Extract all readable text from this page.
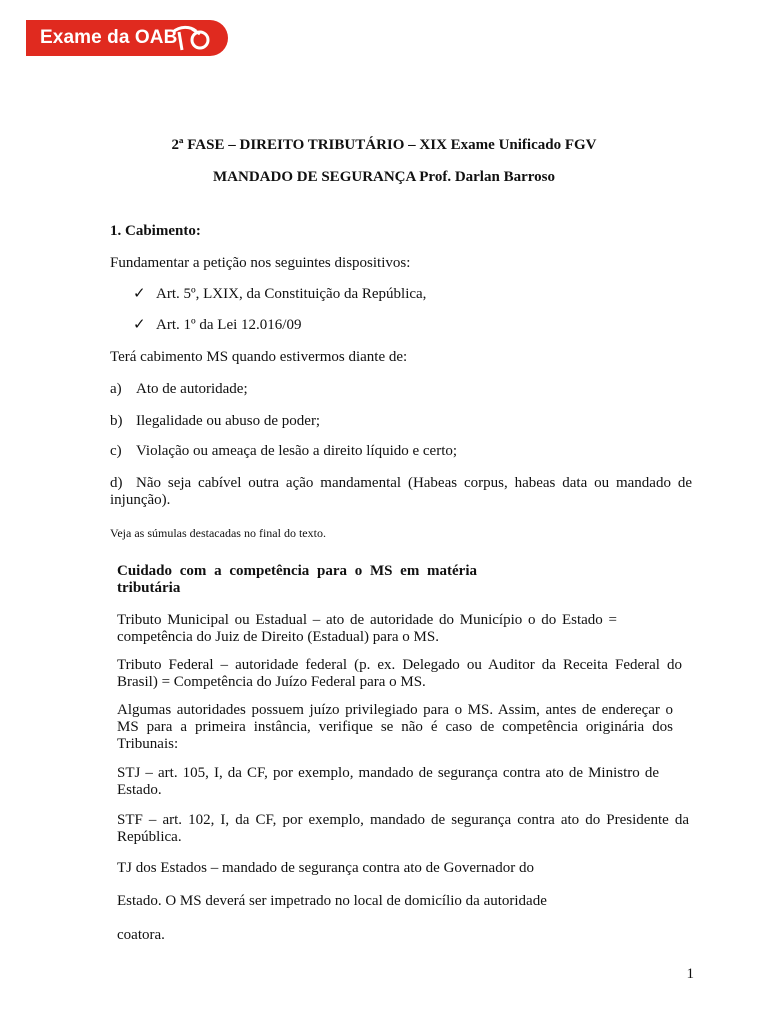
Exame da OAB
2ª FASE – DIREITO TRIBUTÁRIO – XIX Exame Unificado FGV
MANDADO DE SEGURANÇA Prof. Darlan Barroso
1. Cabimento:
Fundamentar a petição nos seguintes dispositivos:
✓ Art. 5º, LXIX, da Constituição da República,
✓ Art. 1º da Lei 12.016/09
Terá cabimento MS quando estivermos diante de:
a) Ato de autoridade;
b) Ilegalidade ou abuso de poder;
c) Violação ou ameaça de lesão a direito líquido e certo;
d) Não seja cabível outra ação mandamental (Habeas corpus, habeas data ou mandado de injunção).
Veja as súmulas destacadas no final do texto.
Cuidado com a competência para o MS em matéria tributária
Tributo Municipal ou Estadual – ato de autoridade do Município o do Estado = competência do Juiz de Direito (Estadual) para o MS.
Tributo Federal – autoridade federal (p. ex. Delegado ou Auditor da Receita Federal do Brasil) = Competência do Juízo Federal para o MS.
Algumas autoridades possuem juízo privilegiado para o MS. Assim, antes de endereçar o MS para a primeira instância, verifique se não é caso de competência originária dos Tribunais:
STJ – art. 105, I, da CF, por exemplo, mandado de segurança contra ato de Ministro de Estado.
STF – art. 102, I, da CF, por exemplo, mandado de segurança contra ato do Presidente da República.
TJ dos Estados – mandado de segurança contra ato de Governador do
Estado. O MS deverá ser impetrado no local de domicílio da autoridade
coatora.
1
